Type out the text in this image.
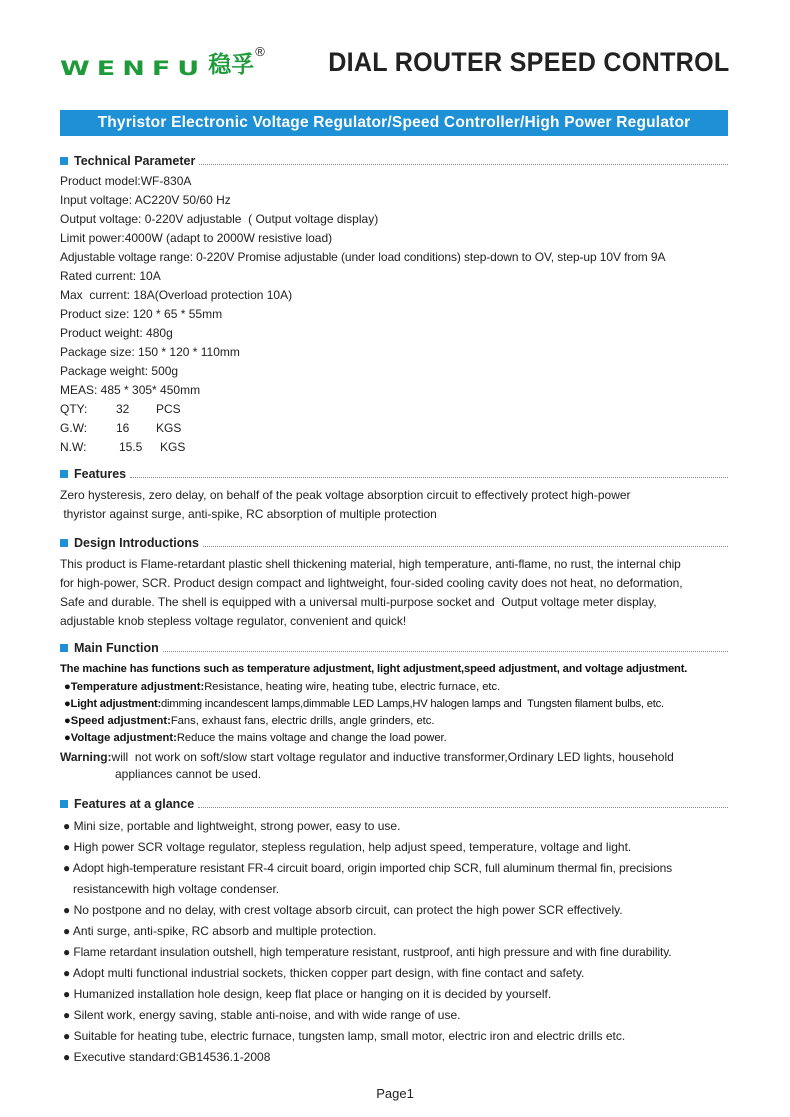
WENFU稳孚® DIAL ROUTER SPEED CONTROL
Thyristor Electronic Voltage Regulator/Speed Controller/High Power Regulator
Technical Parameter
Product model:WF-830A
Input voltage: AC220V 50/60 Hz
Output voltage: 0-220V adjustable  ( Output voltage display)
Limit power:4000W (adapt to 2000W resistive load)
Adjustable voltage range: 0-220V Promise adjustable (under load conditions) step-down to OV, step-up 10V from 9A
Rated current: 10A
Max  current: 18A(Overload protection 10A)
Product size: 120 * 65 * 55mm
Product weight: 480g
Package size: 150 * 120 * 110mm
Package weight: 500g
MEAS: 485 * 305* 450mm
QTY: 32 PCS
G.W: 16 KGS
N.W:	15.5 KGS
Features
Zero hysteresis, zero delay, on behalf of the peak voltage absorption circuit to effectively protect high-power
thyristor against surge, anti-spike, RC absorption of multiple protection
Design Introductions
This product is Flame-retardant plastic shell thickening material, high temperature, anti-flame, no rust, the internal chip
for high-power, SCR. Product design compact and lightweight, four-sided cooling cavity does not heat, no deformation,
Safe and durable. The shell is equipped with a universal multi-purpose socket and  Output voltage meter display,
adjustable knob stepless voltage regulator, convenient and quick!
Main Function
The machine has functions such as temperature adjustment, light adjustment,speed adjustment, and voltage adjustment.
●Temperature adjustment:Resistance, heating wire, heating tube, electric furnace, etc.
●Light adjustment:dimming incandescent lamps,dimmable LED Lamps,HV halogen lamps and  Tungsten filament bulbs, etc.
●Speed adjustment:Fans, exhaust fans, electric drills, angle grinders, etc.
●Voltage adjustment:Reduce the mains voltage and change the load power.
Warning:will  not work on soft/slow start voltage regulator and inductive transformer,Ordinary LED lights, household
appliances cannot be used.
Features at a glance
● Mini size, portable and lightweight, strong power, easy to use.
● High power SCR voltage regulator, stepless regulation, help adjust speed, temperature, voltage and light.
● Adopt high-temperature resistant FR-4 circuit board, origin imported chip SCR, full aluminum thermal fin, precisions
resistancewith high voltage condenser.
● No postpone and no delay, with crest voltage absorb circuit, can protect the high power SCR effectively.
● Anti surge, anti-spike, RC absorb and multiple protection.
● Flame retardant insulation outshell, high temperature resistant, rustproof, anti high pressure and with fine durability.
● Adopt multi functional industrial sockets, thicken copper part design, with fine contact and safety.
● Humanized installation hole design, keep flat place or hanging on it is decided by yourself.
● Silent work, energy saving, stable anti-noise, and with wide range of use.
● Suitable for heating tube, electric furnace, tungsten lamp, small motor, electric iron and electric drills etc.
● Executive standard:GB14536.1-2008
Page1
